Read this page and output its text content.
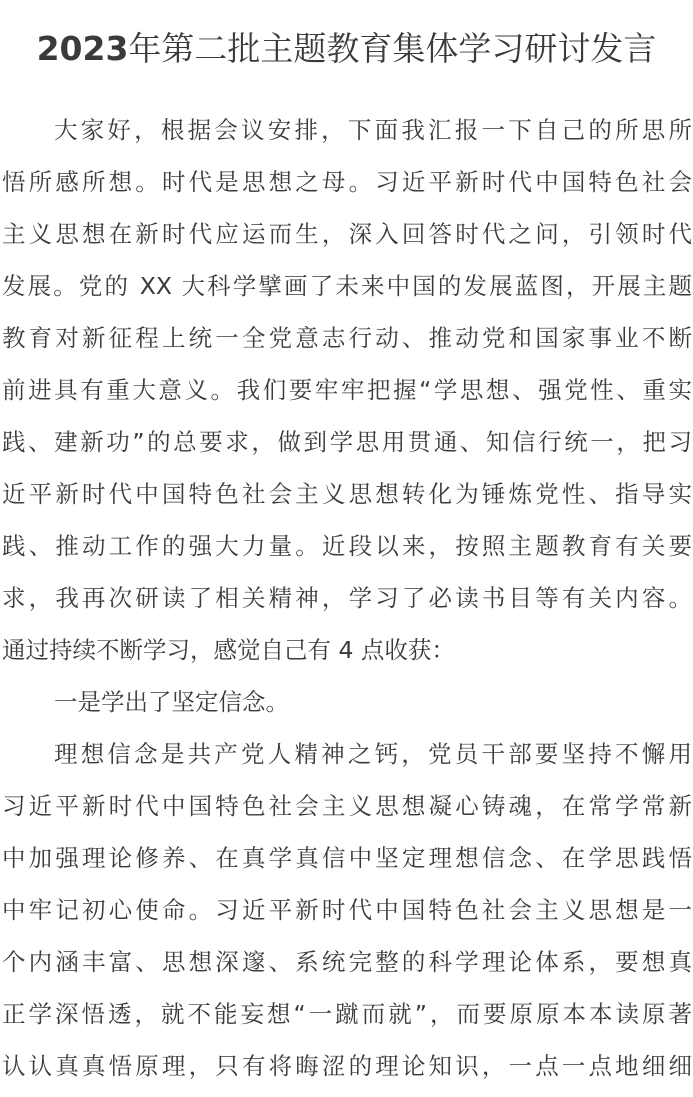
2023年第二批主题教育集体学习研讨发言
大家好，根据会议安排，下面我汇报一下自己的所思所
悟所感所想。时代是思想之母。习近平新时代中国特色社会
主义思想在新时代应运而生，深入回答时代之问，引领时代
发展。党的 XX 大科学擘画了未来中国的发展蓝图，开展主题
教育对新征程上统一全党意志行动、推动党和国家事业不断
前进具有重大意义。我们要牢牢把握“学思想、强党性、重实
践、建新功”的总要求，做到学思用贯通、知信行统一，把习
近平新时代中国特色社会主义思想转化为锤炼党性、指导实
践、推动工作的强大力量。近段以来，按照主题教育有关要
求，我再次研读了相关精神，学习了必读书目等有关内容。
通过持续不断学习，感觉自己有 4 点收获：
一是学出了坚定信念。
理想信念是共产党人精神之钙，党员干部要坚持不懈用
习近平新时代中国特色社会主义思想凝心铸魂，在常学常新
中加强理论修养、在真学真信中坚定理想信念、在学思践悟
中牢记初心使命。习近平新时代中国特色社会主义思想是一
个内涵丰富、思想深邃、系统完整的科学理论体系，要想真
正学深悟透，就不能妄想“一蹴而就”，而要原原本本读原著
认认真真悟原理，只有将晦涩的理论知识，一点一点地细细
